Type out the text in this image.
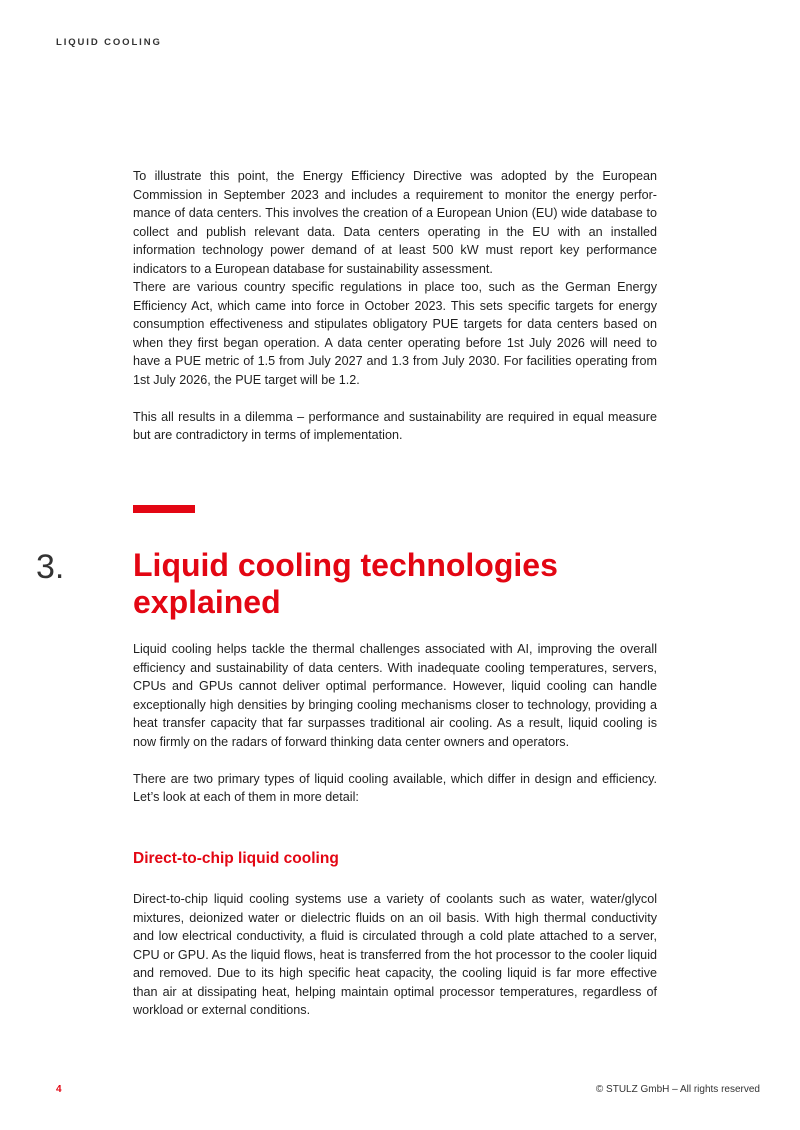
LIQUID COOLING

To illustrate this point, the Energy Efficiency Directive was adopted by the European Commission in September 2023 and includes a requirement to monitor the energy performance of data centers. This involves the creation of a European Union (EU) wide database to collect and publish relevant data. Data centers operating in the EU with an installed information technology power demand of at least 500 kW must report key performance indicators to a European database for sustainability assessment.

There are various country specific regulations in place too, such as the German Energy Efficiency Act, which came into force in October 2023. This sets specific targets for energy consumption effectiveness and stipulates obligatory PUE targets for data centers based on when they first began operation. A data center operating before 1st July 2026 will need to have a PUE metric of 1.5 from July 2027 and 1.3 from July 2030. For facilities operating from 1st July 2026, the PUE target will be 1.2.

This all results in a dilemma – performance and sustainability are required in equal measure but are contradictory in terms of implementation.

3. Liquid cooling technologies
explained

Liquid cooling helps tackle the thermal challenges associated with AI, improving the overall efficiency and sustainability of data centers. With inadequate cooling temperatures, servers, CPUs and GPUs cannot deliver optimal performance. However, liquid cooling can handle exceptionally high densities by bringing cooling mechanisms closer to technology, providing a heat transfer capacity that far surpasses traditional air cooling. As a result, liquid cooling is now firmly on the radars of forward thinking data center owners and operators.

There are two primary types of liquid cooling available, which differ in design and efficiency. Let’s look at each of them in more detail:

Direct-to-chip liquid cooling

Direct-to-chip liquid cooling systems use a variety of coolants such as water, water/glycol mixtures, deionized water or dielectric fluids on an oil basis. With high thermal conductivity and low electrical conductivity, a fluid is circulated through a cold plate attached to a server, CPU or GPU. As the liquid flows, heat is transferred from the hot processor to the cooler liquid and removed. Due to its high specific heat capacity, the cooling liquid is far more effective than air at dissipating heat, helping maintain optimal processor temperatures, regardless of workload or external conditions.

4	© STULZ GmbH – All rights reserved
